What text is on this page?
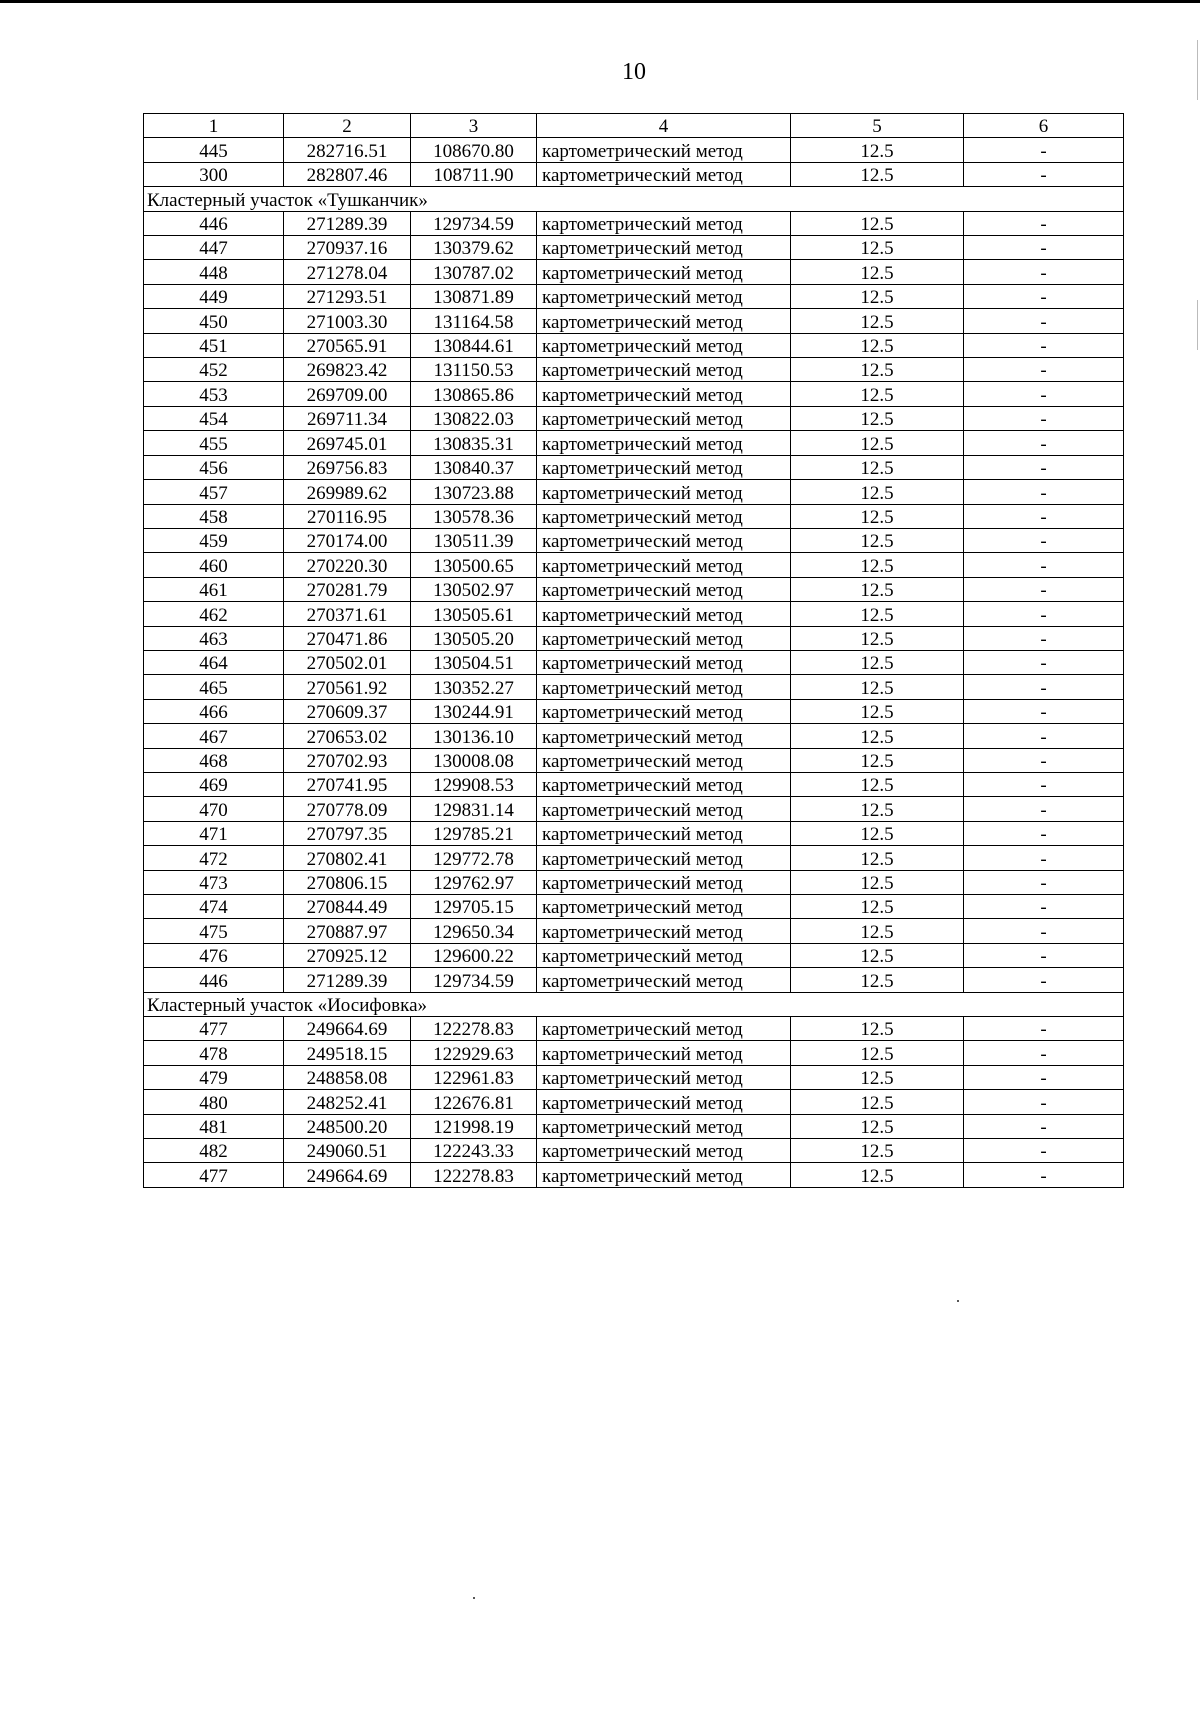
10
1	2	3	4	5	6
445	282716.51	108670.80	картометрический метод	12.5	-
300	282807.46	108711.90	картометрический метод	12.5	-
Кластерный участок «Тушканчик»					
446	271289.39	129734.59	картометрический метод	12.5	-
447	270937.16	130379.62	картометрический метод	12.5	-
448	271278.04	130787.02	картометрический метод	12.5	-
449	271293.51	130871.89	картометрический метод	12.5	-
450	271003.30	131164.58	картометрический метод	12.5	-
451	270565.91	130844.61	картометрический метод	12.5	-
452	269823.42	131150.53	картометрический метод	12.5	-
453	269709.00	130865.86	картометрический метод	12.5	-
454	269711.34	130822.03	картометрический метод	12.5	-
455	269745.01	130835.31	картометрический метод	12.5	-
456	269756.83	130840.37	картометрический метод	12.5	-
457	269989.62	130723.88	картометрический метод	12.5	-
458	270116.95	130578.36	картометрический метод	12.5	-
459	270174.00	130511.39	картометрический метод	12.5	-
460	270220.30	130500.65	картометрический метод	12.5	-
461	270281.79	130502.97	картометрический метод	12.5	-
462	270371.61	130505.61	картометрический метод	12.5	-
463	270471.86	130505.20	картометрический метод	12.5	-
464	270502.01	130504.51	картометрический метод	12.5	-
465	270561.92	130352.27	картометрический метод	12.5	-
466	270609.37	130244.91	картометрический метод	12.5	-
467	270653.02	130136.10	картометрический метод	12.5	-
468	270702.93	130008.08	картометрический метод	12.5	-
469	270741.95	129908.53	картометрический метод	12.5	-
470	270778.09	129831.14	картометрический метод	12.5	-
471	270797.35	129785.21	картометрический метод	12.5	-
472	270802.41	129772.78	картометрический метод	12.5	-
473	270806.15	129762.97	картометрический метод	12.5	-
474	270844.49	129705.15	картометрический метод	12.5	-
475	270887.97	129650.34	картометрический метод	12.5	-
476	270925.12	129600.22	картометрический метод	12.5	-
446	271289.39	129734.59	картометрический метод	12.5	-
Кластерный участок «Иосифовка»					
477	249664.69	122278.83	картометрический метод	12.5	-
478	249518.15	122929.63	картометрический метод	12.5	-
479	248858.08	122961.83	картометрический метод	12.5	-
480	248252.41	122676.81	картометрический метод	12.5	-
481	248500.20	121998.19	картометрический метод	12.5	-
482	249060.51	122243.33	картометрический метод	12.5	-
477	249664.69	122278.83	картометрический метод	12.5	-
